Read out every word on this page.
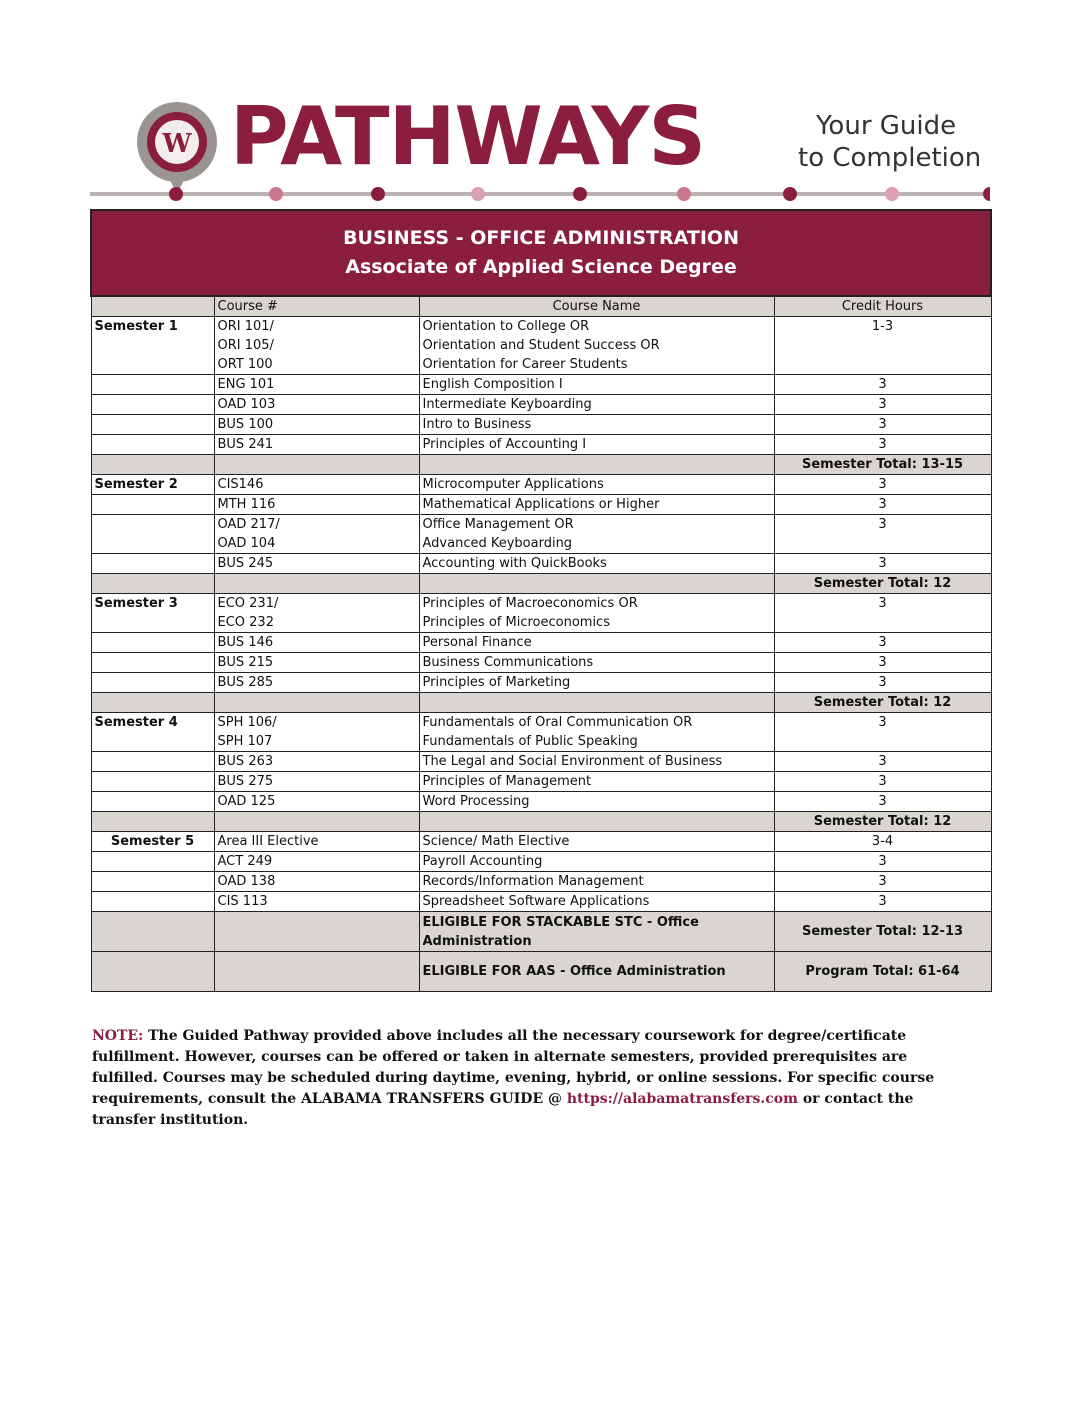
W PATHWAYS	Your Guide
to Completion
BUSINESS - OFFICE ADMINISTRATION
Associate of Applied Science Degree			

	Course #	Course Name	Credit Hours
Semester 1	ORI 101/
ORI 105/
ORT 100	Orientation to College OR
Orientation and Student Success OR
Orientation for Career Students	1-3

	ENG 101	English Composition I	3

	OAD 103	Intermediate Keyboarding	3

	BUS 100	Intro to Business	3

	BUS 241	Principles of Accounting I	3
			Semester Total: 13-15
Semester 2	CIS146	Microcomputer Applications	3

	MTH 116	Mathematical Applications or Higher	3

	OAD 217/
OAD 104	Office Management OR
Advanced Keyboarding	3

	BUS 245	Accounting with QuickBooks	3
			Semester Total: 12
Semester 3	ECO 231/
ECO 232	Principles of Macroeconomics OR
Principles of Microeconomics	3

	BUS 146	Personal Finance	3

	BUS 215	Business Communications	3

	BUS 285	Principles of Marketing	3
			Semester Total: 12
Semester 4	SPH 106/
SPH 107	Fundamentals of Oral Communication OR
Fundamentals of Public Speaking	3

	BUS 263	The Legal and Social Environment of Business	3

	BUS 275	Principles of Management	3

	OAD 125	Word Processing	3
			Semester Total: 12
Semester 5	Area III Elective	Science/ Math Elective	3-4

	ACT 249	Payroll Accounting	3

	OAD 138	Records/Information Management	3

	CIS 113	Spreadsheet Software Applications	3
		ELIGIBLE FOR STACKABLE STC - Office Administration	Semester Total: 12-13
		ELIGIBLE FOR AAS - Office Administration	Program Total: 61-64
NOTE: The Guided Pathway provided above includes all the necessary coursework for degree/certificate fulfillment. However, courses can be offered or taken in alternate semesters, provided prerequisites are fulfilled. Courses may be scheduled during daytime, evening, hybrid, or online sessions. For specific course requirements, consult the ALABAMA TRANSFERS GUIDE @ https://alabamatransfers.com or contact the transfer institution.
